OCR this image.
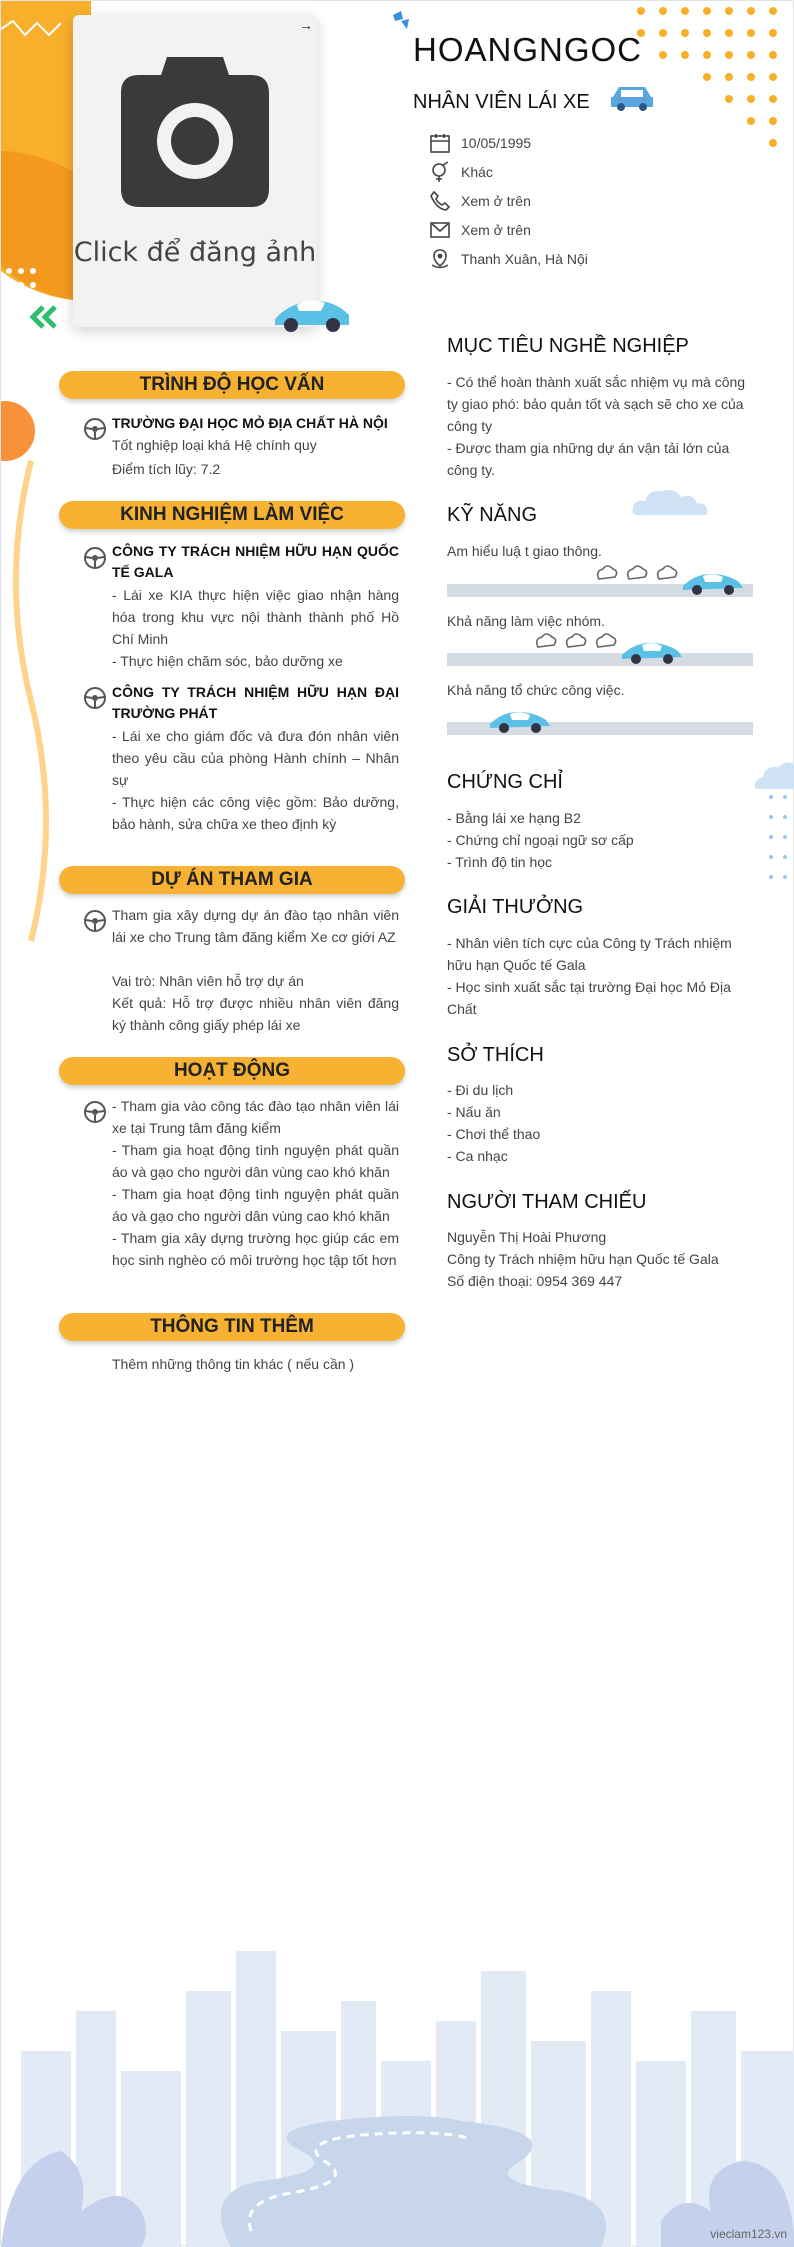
Click để đăng ảnh
→
HOANGNGOC
NHÂN VIÊN LÁI XE
10/05/1995
Khác
Xem ở trên
Xem ở trên
Thanh Xuân, Hà Nội
TRÌNH ĐỘ HỌC VẤN
TRƯỜNG ĐẠI HỌC MỎ ĐỊA CHẤT HÀ NỘI
Tốt nghiệp loại khá Hệ chính quy
Điểm tích lũy: 7.2
KINH NGHIỆM LÀM VIỆC
CÔNG TY TRÁCH NHIỆM HỮU HẠN QUỐC TẾ GALA
- Lái xe KIA thực hiện việc giao nhận hàng hóa trong khu vực nội thành thành phố Hồ Chí Minh
- Thực hiện chăm sóc, bảo dưỡng xe
CÔNG TY TRÁCH NHIỆM HỮU HẠN ĐẠI TRƯỜNG PHÁT
- Lái xe cho giám đốc và đưa đón nhân viên theo yêu cầu của phòng Hành chính – Nhân sự
- Thực hiện các công việc gồm: Bảo dưỡng, bảo hành, sửa chữa xe theo định kỳ
DỰ ÁN THAM GIA
Tham gia xây dựng dự án đào tạo nhân viên lái xe cho Trung tâm đăng kiểm Xe cơ giới AZ
Vai trò: Nhân viên hỗ trợ dự án
Kết quả: Hỗ trợ được nhiều nhân viên đăng ký thành công giấy phép lái xe
HOẠT ĐỘNG
- Tham gia vào công tác đào tạo nhân viên lái xe tại Trung tâm đăng kiểm
- Tham gia hoạt động tình nguyện phát quần áo và gạo cho người dân vùng cao khó khăn
- Tham gia hoạt động tình nguyện phát quần áo và gạo cho người dân vùng cao khó khăn
- Tham gia xây dựng trường học giúp các em học sinh nghèo có môi trường học tập tốt hơn
THÔNG TIN THÊM
Thêm những thông tin khác ( nếu cần )
MỤC TIÊU NGHỀ NGHIỆP
- Có thể hoàn thành xuất sắc nhiệm vụ mà công ty giao phó: bảo quản tốt và sạch sẽ cho xe của công ty
- Được tham gia những dự án vận tải lớn của công ty.
KỸ NĂNG
Am hiểu luậ t giao thông.
Khả năng làm việc nhóm.
Khả năng tổ chức công việc.
CHỨNG CHỈ
- Bằng lái xe hạng B2
- Chứng chỉ ngoại ngữ sơ cấp
- Trình độ tin học
GIẢI THƯỞNG
- Nhân viên tích cực của Công ty Trách nhiệm hữu hạn Quốc tế Gala
- Học sinh xuất sắc tại trường Đại học Mỏ Địa Chất
SỞ THÍCH
- Đi du lịch
- Nấu ăn
- Chơi thể thao
- Ca nhạc
NGƯỜI THAM CHIẾU
Nguyễn Thị Hoài Phương
Công ty Trách nhiệm hữu hạn Quốc tế Gala
Số điện thoại: 0954 369 447
vieclam123.vn
